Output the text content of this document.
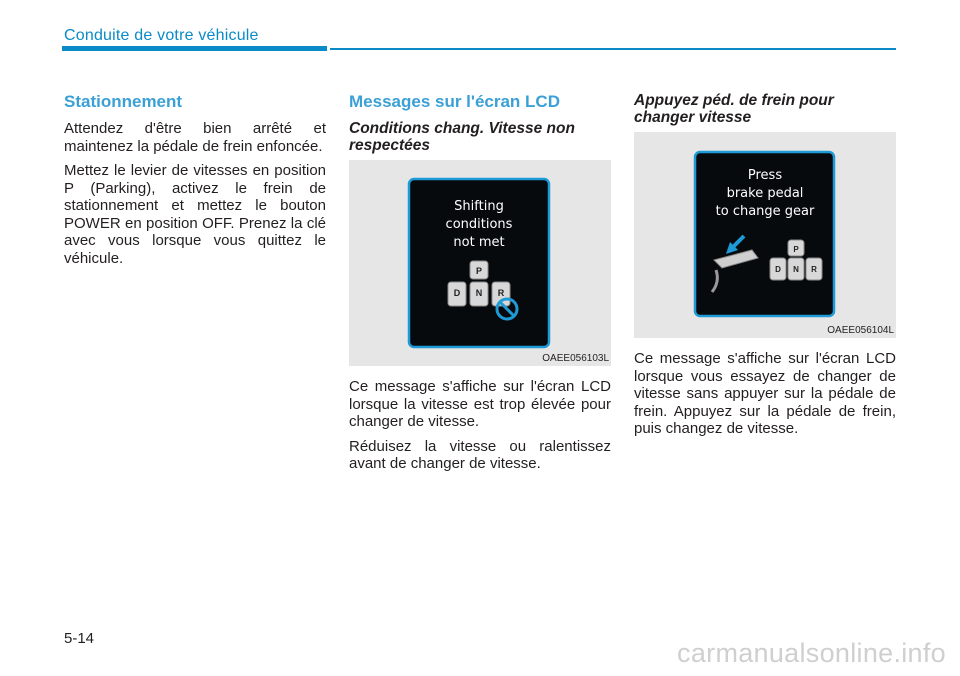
Conduite de votre véhicule
Stationnement

Attendez d'être bien arrêté et maintenez la pédale de frein enfoncée.

Mettez le levier de vitesses en position P (Parking), activez le frein de stationnement et mettez le bouton POWER en position OFF. Prenez la clé avec vous lorsque vous quittez le véhicule.

Messages sur l'écran LCD
Conditions chang. Vitesse non respectées
Shifting
conditions
not met
P
D N R
OAEE056103L

Ce message s'affiche sur l'écran LCD lorsque la vitesse est trop élevée pour changer de vitesse.

Réduisez la vitesse ou ralentissez avant de changer de vitesse.

Appuyez péd. de frein pour changer vitesse
Press
brake pedal
to change gear
P
D N R
OAEE056104L

Ce message s'affiche sur l'écran LCD lorsque vous essayez de changer de vitesse sans appuyer sur la pédale de frein. Appuyez sur la pédale de frein, puis changez de vitesse.

5-14	carmanualsonline.info
